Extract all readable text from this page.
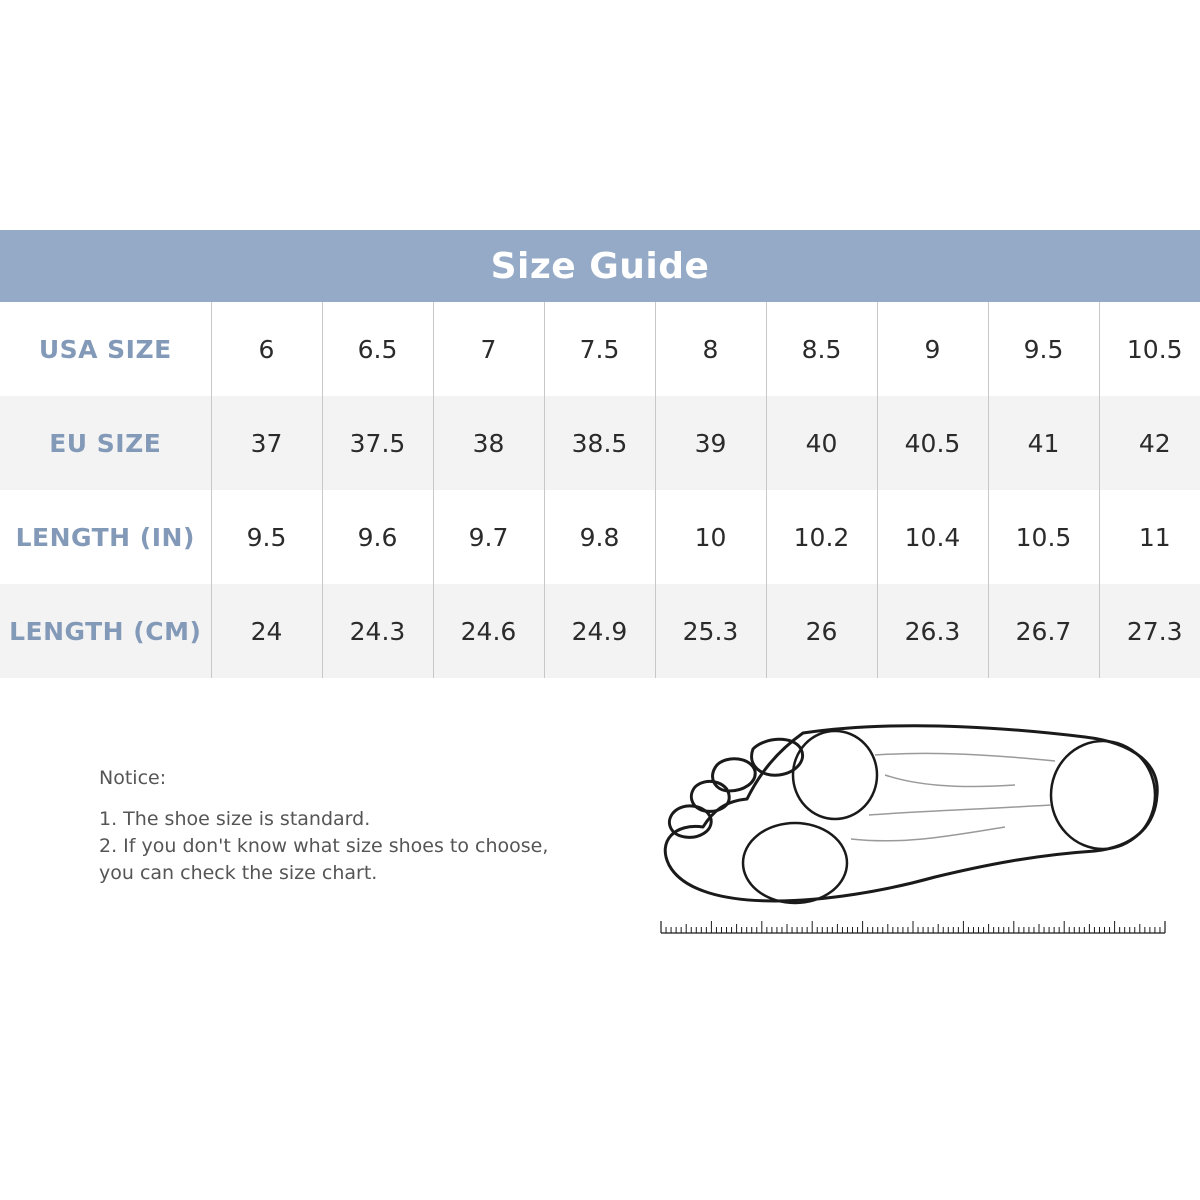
Size Guide
USA SIZE	6	6.5	7	7.5	8	8.5	9	9.5	10.5
EU SIZE	37	37.5	38	38.5	39	40	40.5	41	42
LENGTH (IN)	9.5	9.6	9.7	9.8	10	10.2	10.4	10.5	11
LENGTH (CM)	24	24.3	24.6	24.9	25.3	26	26.3	26.7	27.3
Notice:
1. The shoe size is standard.
2. If you don't know what size shoes to choose,
you can check the size chart.
